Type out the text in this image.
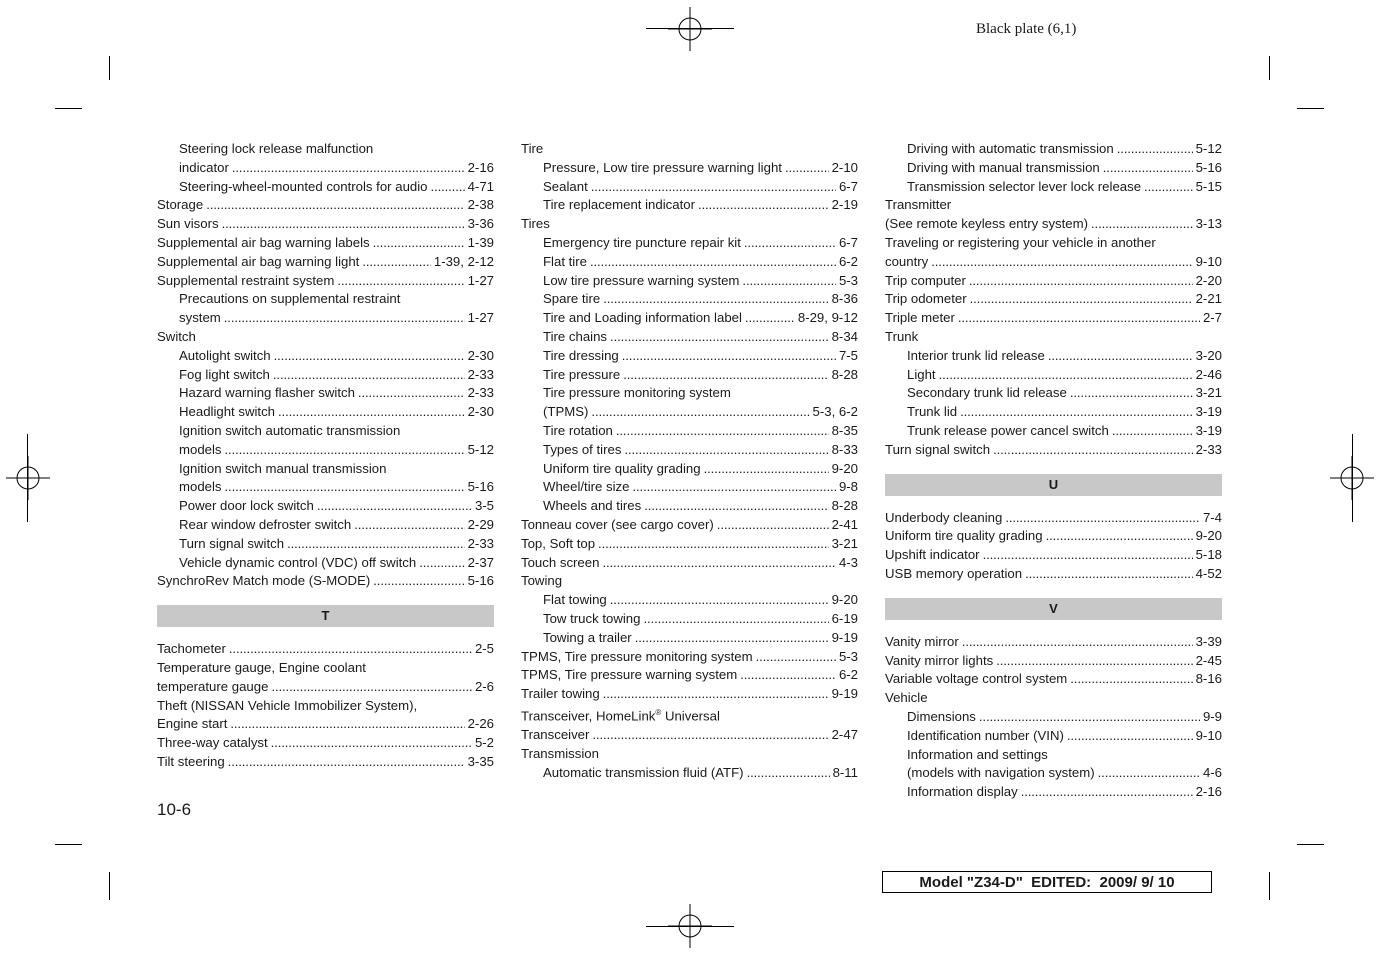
Black plate (6,1)
Steering lock release malfunction
indicator . . .	2-16
Steering-wheel-mounted controls for audio . . .	4-71
Storage . . .	2-38
Sun visors . . .	3-36
Supplemental air bag warning labels . . .	1-39
Supplemental air bag warning light . . .	1-39, 2-12
Supplemental restraint system . . .	1-27
Precautions on supplemental restraint
system . . .	1-27
Switch
Autolight switch . . .	2-30
Fog light switch . . .	2-33
Hazard warning flasher switch . . .	2-33
Headlight switch . . .	2-30
Ignition switch automatic transmission
models . . .	5-12
Ignition switch manual transmission
models . . .	5-16
Power door lock switch . . .	3-5
Rear window defroster switch . . .	2-29
Turn signal switch . . .	2-33
Vehicle dynamic control (VDC) off switch . . .	2-37
SynchroRev Match mode (S-MODE) . . .	5-16
T
Tachometer . . .	2-5
Temperature gauge, Engine coolant
temperature gauge . . .	2-6
Theft (NISSAN Vehicle Immobilizer System),
Engine start . . .	2-26
Three-way catalyst . . .	5-2
Tilt steering . . .	3-35
Tire
Pressure, Low tire pressure warning light . . .	2-10
Sealant . . .	6-7
Tire replacement indicator . . .	2-19
Tires
Emergency tire puncture repair kit . . .	6-7
Flat tire . . .	6-2
Low tire pressure warning system . . .	5-3
Spare tire . . .	8-36
Tire and Loading information label . . .	8-29, 9-12
Tire chains . . .	8-34
Tire dressing . . .	7-5
Tire pressure . . .	8-28
Tire pressure monitoring system
(TPMS) . . .	5-3, 6-2
Tire rotation . . .	8-35
Types of tires . . .	8-33
Uniform tire quality grading . . .	9-20
Wheel/tire size . . .	9-8
Wheels and tires . . .	8-28
Tonneau cover (see cargo cover) . . .	2-41
Top, Soft top . . .	3-21
Touch screen . . .	4-3
Towing
Flat towing . . .	9-20
Tow truck towing . . .	6-19
Towing a trailer . . .	9-19
TPMS, Tire pressure monitoring system . . .	5-3
TPMS, Tire pressure warning system . . .	6-2
Trailer towing . . .	9-19
Transceiver, HomeLink® Universal
Transceiver . . .	2-47
Transmission
Automatic transmission fluid (ATF) . . .	8-11
Driving with automatic transmission . . .	5-12
Driving with manual transmission . . .	5-16
Transmission selector lever lock release . . .	5-15
Transmitter
(See remote keyless entry system) . . .	3-13
Traveling or registering your vehicle in another
country . . .	9-10
Trip computer . . .	2-20
Trip odometer . . .	2-21
Triple meter . . .	2-7
Trunk
Interior trunk lid release . . .	3-20
Light . . .	2-46
Secondary trunk lid release . . .	3-21
Trunk lid . . .	3-19
Trunk release power cancel switch . . .	3-19
Turn signal switch . . .	2-33
U
Underbody cleaning . . .	7-4
Uniform tire quality grading . . .	9-20
Upshift indicator . . .	5-18
USB memory operation . . .	4-52
V
Vanity mirror . . .	3-39
Vanity mirror lights . . .	2-45
Variable voltage control system . . .	8-16
Vehicle
Dimensions . . .	9-9
Identification number (VIN) . . .	9-10
Information and settings
(models with navigation system) . . .	4-6
Information display . . .	2-16
10-6
Model "Z34-D"  EDITED:  2009/ 9/ 10
